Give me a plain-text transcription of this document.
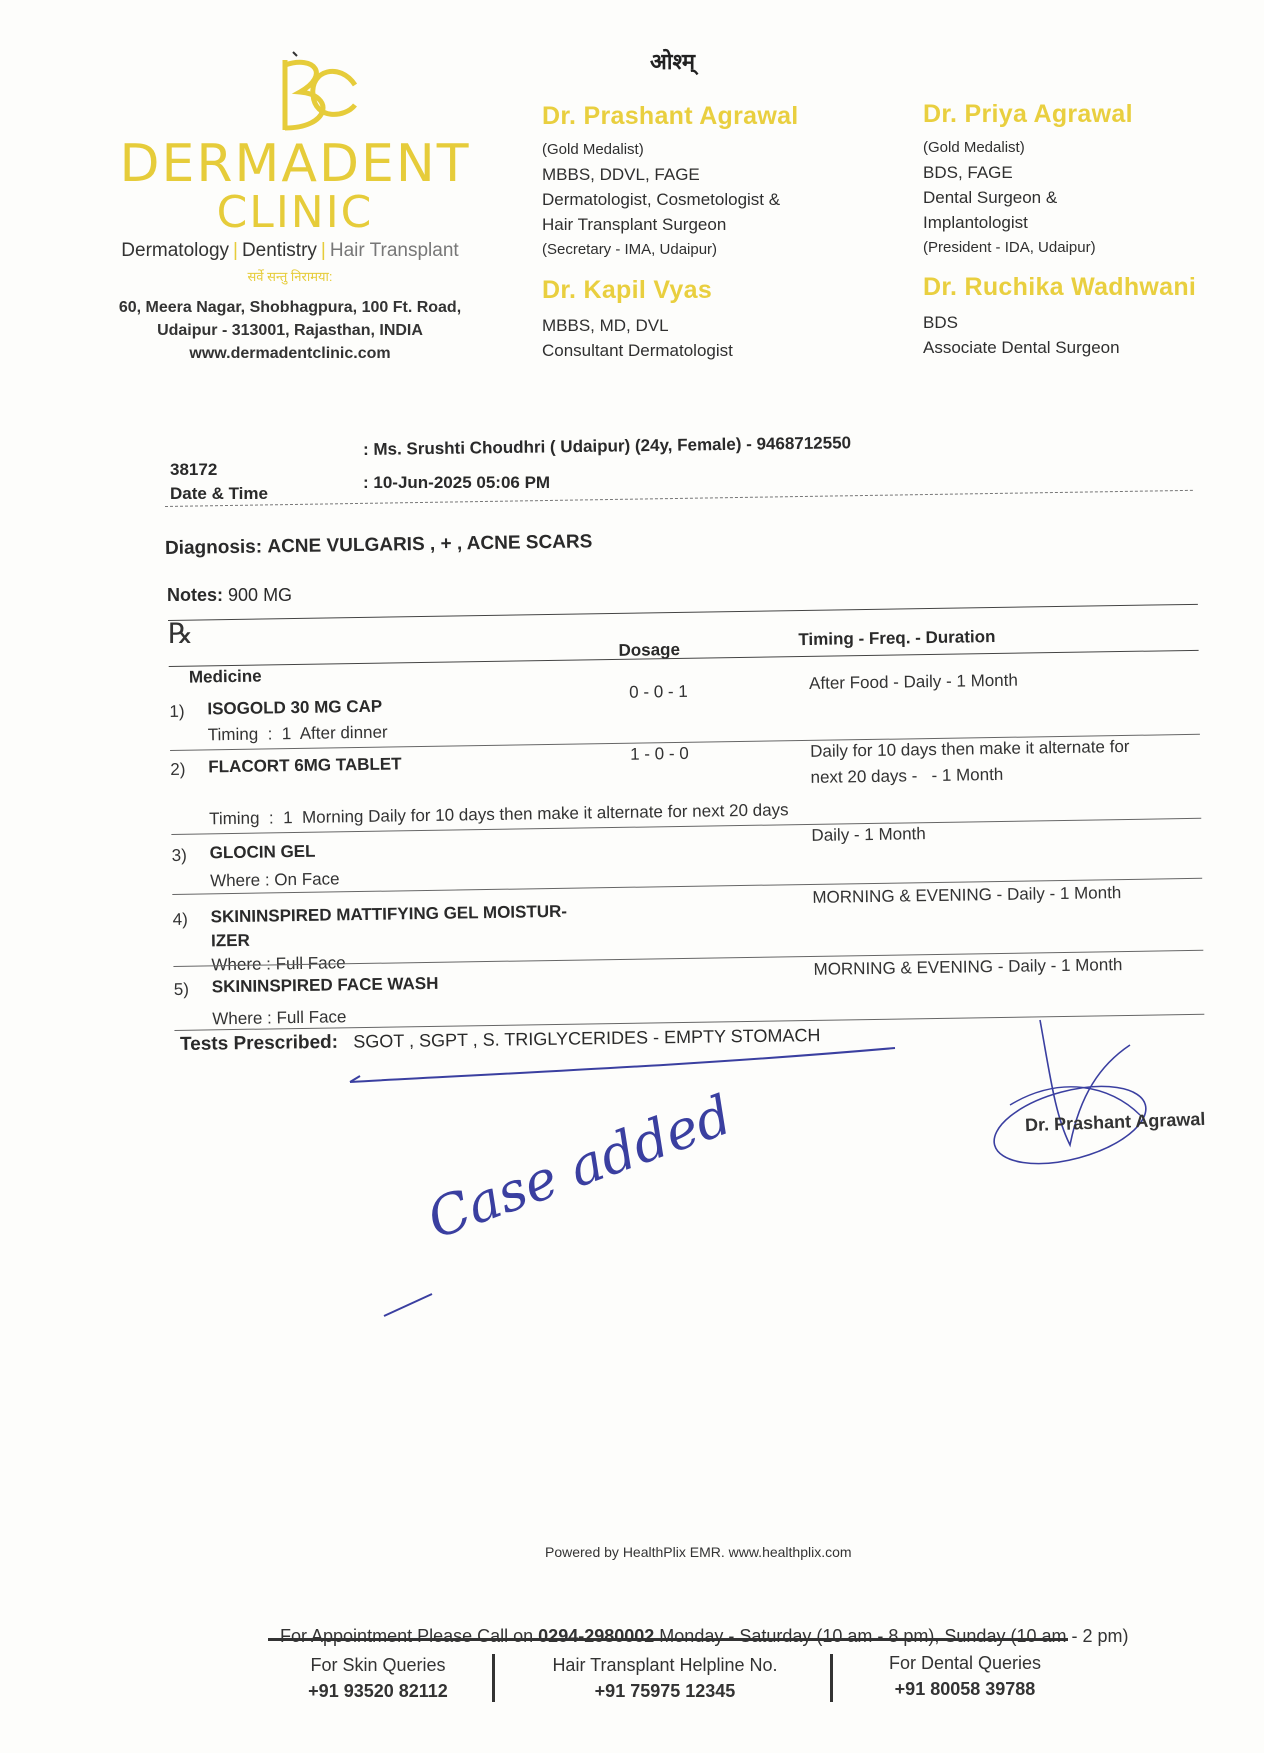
DERMADENT
CLINIC
Dermatology | Dentistry | Hair Transplant
सर्वे सन्तु निरामया:
60, Meera Nagar, Shobhagpura, 100 Ft. Road,
Udaipur - 313001, Rajasthan, INDIA
www.dermadentclinic.com
ओश्म्
Dr. Prashant Agrawal
(Gold Medalist)
MBBS, DDVL, FAGE
Dermatologist, Cosmetologist &
Hair Transplant Surgeon
(Secretary - IMA, Udaipur)
Dr. Priya Agrawal
(Gold Medalist)
BDS, FAGE
Dental Surgeon &
Implantologist
(President - IDA, Udaipur)
Dr. Kapil Vyas
MBBS, MD, DVL
Consultant Dermatologist
Dr. Ruchika Wadhwani
BDS
Associate Dental Surgeon
38172
Date & Time
: Ms. Srushti Choudhri ( Udaipur) (24y, Female) - 9468712550
: 10-Jun-2025 05:06 PM
Diagnosis: ACNE VULGARIS , + , ACNE SCARS
Notes: 900 MG
℞
Dosage
Timing - Freq. - Duration
Medicine
1) ISOGOLD 30 MG CAP
0 - 0 - 1	After Food - Daily - 1 Month
Timing  :  1  After dinner
2) FLACORT 6MG TABLET
1 - 0 - 0	Daily for 10 days then make it alternate for
next 20 days -   - 1 Month
Timing  :  1  Morning Daily for 10 days then make it alternate for next 20 days
3) GLOCIN GEL
Daily - 1 Month
Where : On Face
4) SKININSPIRED MATTIFYING GEL MOISTUR-
IZER
MORNING & EVENING - Daily - 1 Month
Where : Full Face
5) SKININSPIRED FACE WASH
MORNING & EVENING - Daily - 1 Month
Where : Full Face
Tests Prescribed: SGOT , SGPT , S. TRIGLYCERIDES - EMPTY STOMACH
Dr. Prashant Agrawal
Case added
Powered by HealthPlix EMR. www.healthplix.com

For Appointment Please Call on 0294-2980002 Monday - Saturday (10 am - 8 pm), Sunday (10 am - 2 pm)

For Skin Queries
+91 93520 82112
Hair Transplant Helpline No.
+91 75975 12345
For Dental Queries
+91 80058 39788
